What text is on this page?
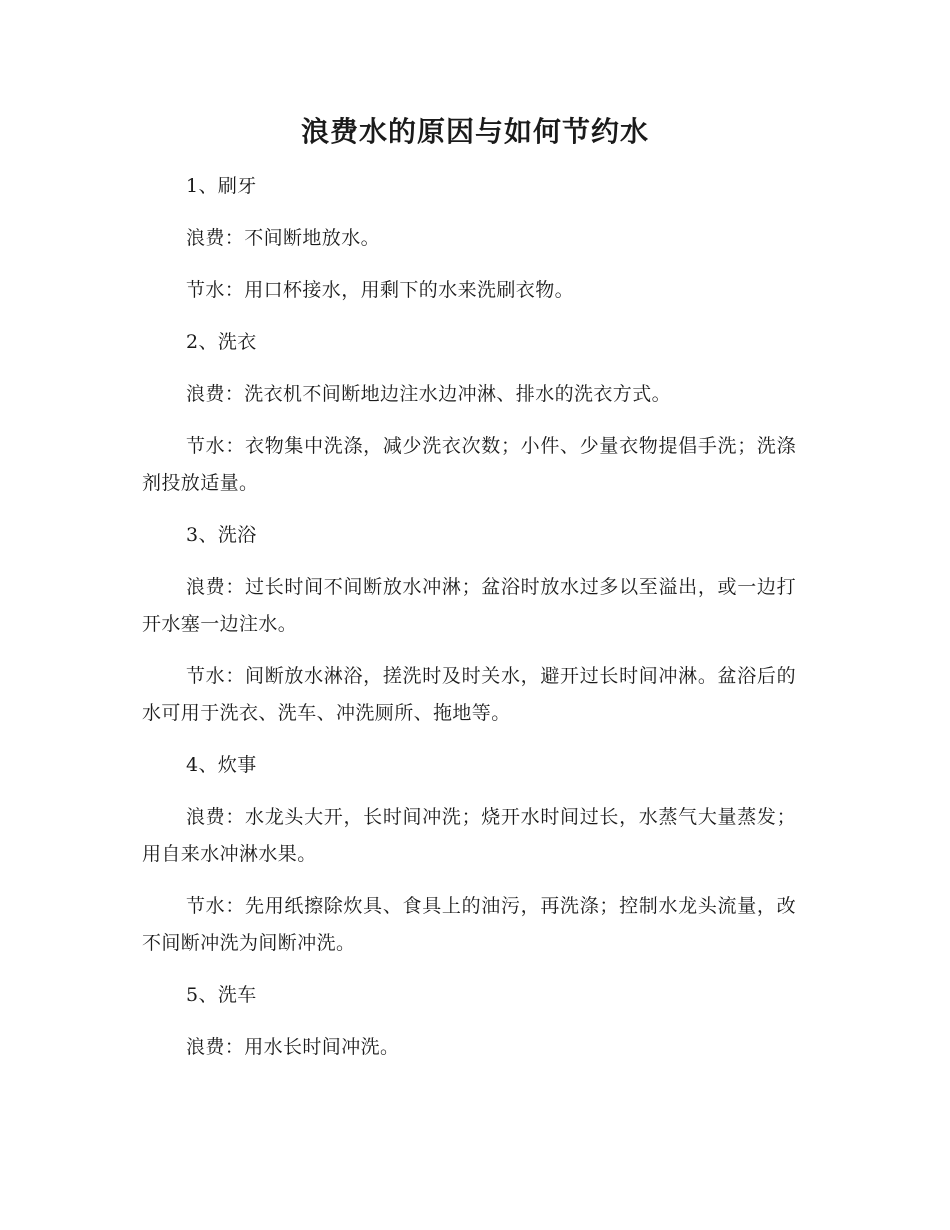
浪费水的原因与如何节约水

1、刷牙

浪费：不间断地放水。

节水：用口杯接水，用剩下的水来洗刷衣物。

2、洗衣

浪费：洗衣机不间断地边注水边冲淋、排水的洗衣方式。

节水：衣物集中洗涤，减少洗衣次数；小件、少量衣物提倡手洗；洗涤剂投放适量。

3、洗浴

浪费：过长时间不间断放水冲淋；盆浴时放水过多以至溢出，或一边打开水塞一边注水。

节水：间断放水淋浴，搓洗时及时关水，避开过长时间冲淋。盆浴后的水可用于洗衣、洗车、冲洗厕所、拖地等。

4、炊事

浪费：水龙头大开，长时间冲洗；烧开水时间过长，水蒸气大量蒸发；用自来水冲淋水果。

节水：先用纸擦除炊具、食具上的油污，再洗涤；控制水龙头流量，改不间断冲洗为间断冲洗。

5、洗车

浪费：用水长时间冲洗。
